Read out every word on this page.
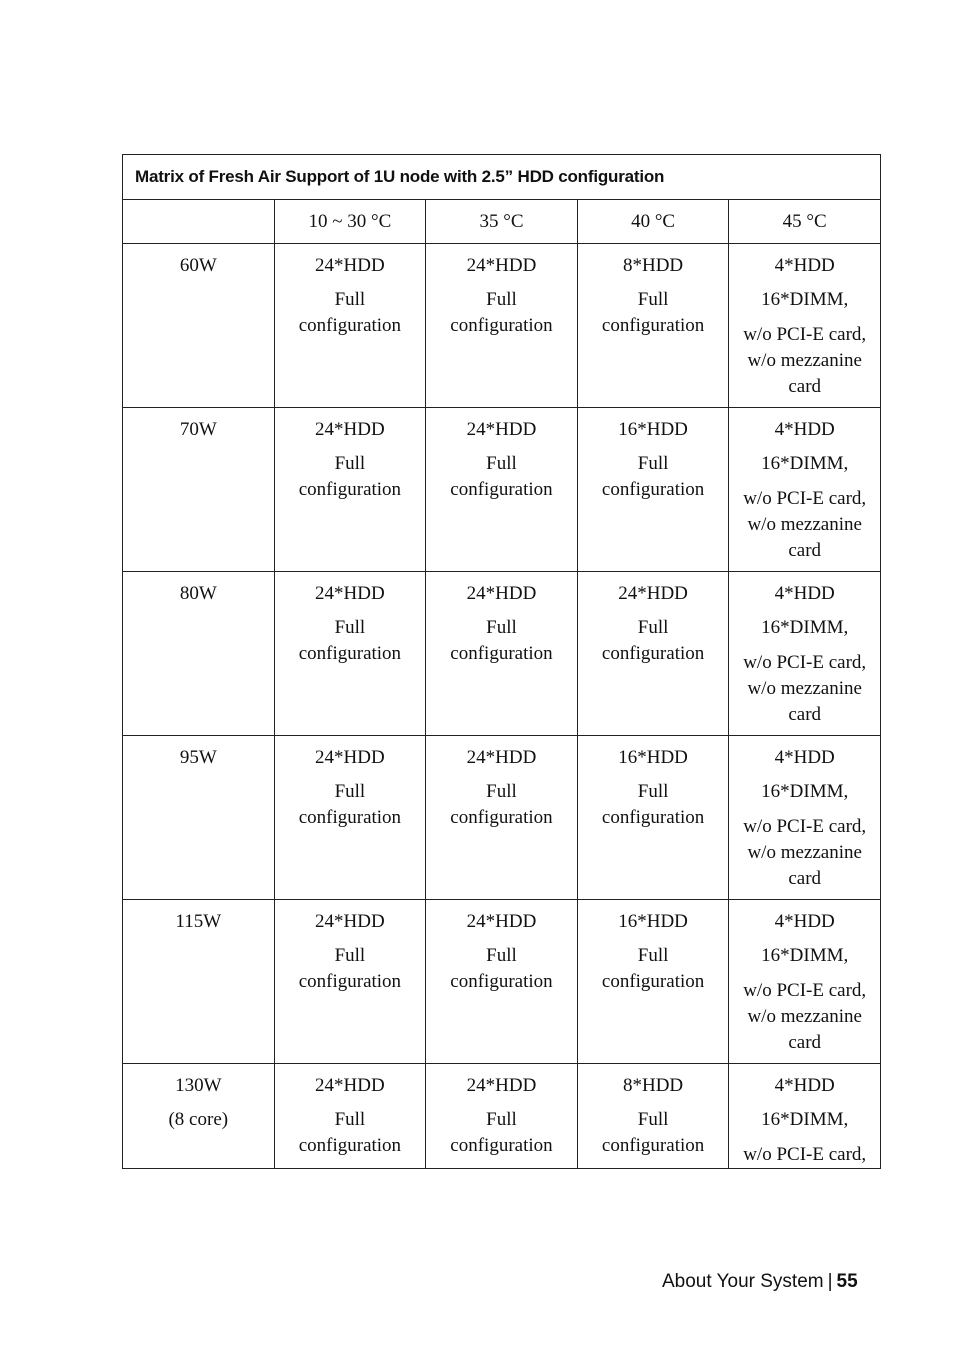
Matrix of Fresh Air Support of 1U node with 2.5” HDD configuration				
	10 ~ 30 °C	35 °C	40 °C	45 °C

60W	24*HDD
Full
configuration	24*HDD
Full
configuration	8*HDD
Full
configuration	4*HDD
16*DIMM,
w/o PCI-E card,
w/o mezzanine
card

70W	24*HDD
Full
configuration	24*HDD
Full
configuration	16*HDD
Full
configuration	4*HDD
16*DIMM,
w/o PCI-E card,
w/o mezzanine
card

80W	24*HDD
Full
configuration	24*HDD
Full
configuration	24*HDD
Full
configuration	4*HDD
16*DIMM,
w/o PCI-E card,
w/o mezzanine
card

95W	24*HDD
Full
configuration	24*HDD
Full
configuration	16*HDD
Full
configuration	4*HDD
16*DIMM,
w/o PCI-E card,
w/o mezzanine
card

115W	24*HDD
Full
configuration	24*HDD
Full
configuration	16*HDD
Full
configuration	4*HDD
16*DIMM,
w/o PCI-E card,
w/o mezzanine
card

130W
(8 core)	24*HDD
Full
configuration	24*HDD
Full
configuration	8*HDD
Full
configuration	4*HDD
16*DIMM,
w/o PCI-E card,
About Your System | 55
